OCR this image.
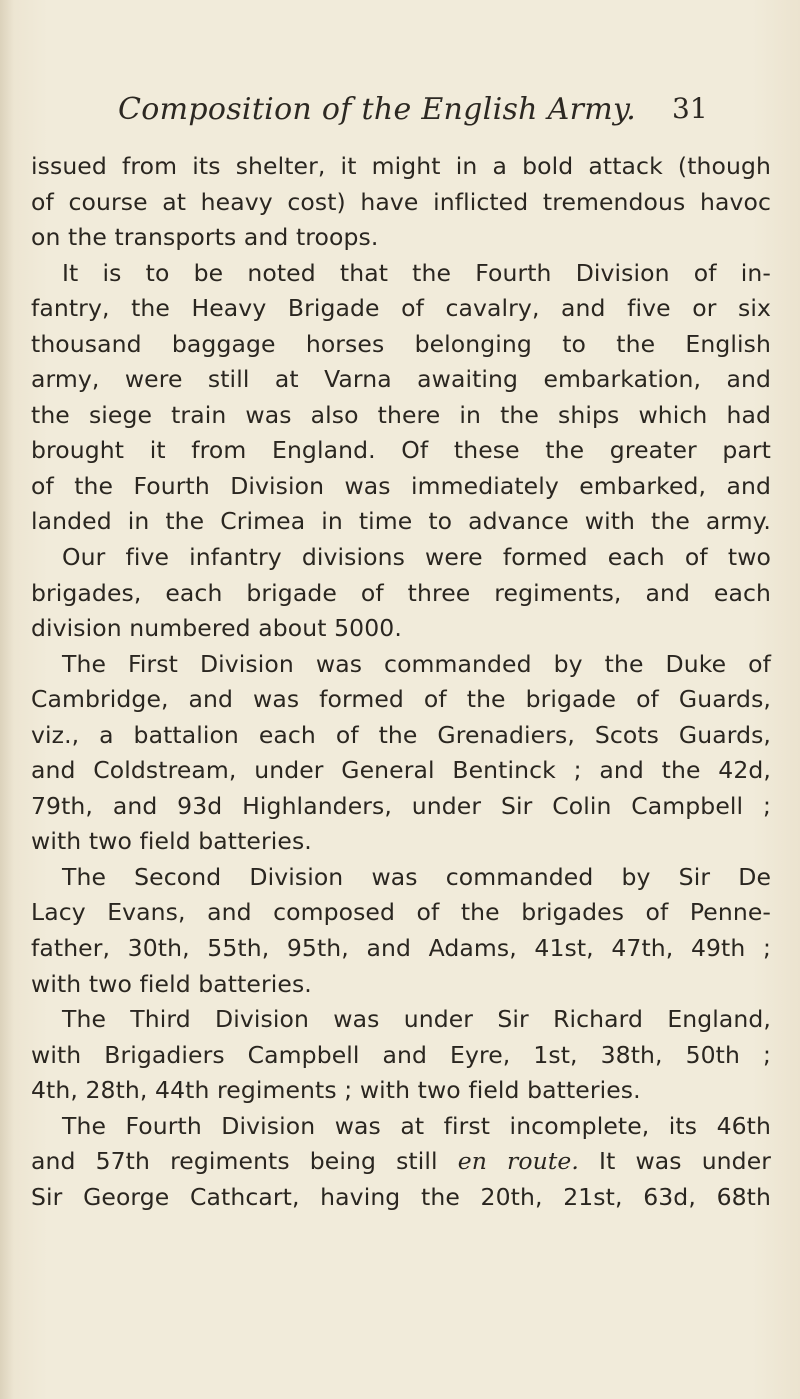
Composition of the English Army. 31
issued from its shelter, it might in a bold attack (though
of course at heavy cost) have inflicted tremendous havoc
on the transports and troops.
It is to be noted that the Fourth Division of in-
fantry, the Heavy Brigade of cavalry, and five or six
thousand baggage horses belonging to the English
army, were still at Varna awaiting embarkation, and
the siege train was also there in the ships which had
brought it from England. Of these the greater part
of the Fourth Division was immediately embarked, and
landed in the Crimea in time to advance with the army.
Our five infantry divisions were formed each of two
brigades, each brigade of three regiments, and each
division numbered about 5000.
The First Division was commanded by the Duke of
Cambridge, and was formed of the brigade of Guards,
viz., a battalion each of the Grenadiers, Scots Guards,
and Coldstream, under General Bentinck ; and the 42d,
79th, and 93d Highlanders, under Sir Colin Campbell ;
with two field batteries.
The Second Division was commanded by Sir De
Lacy Evans, and composed of the brigades of Penne-
father, 30th, 55th, 95th, and Adams, 41st, 47th, 49th ;
with two field batteries.
The Third Division was under Sir Richard England,
with Brigadiers Campbell and Eyre, 1st, 38th, 50th ;
4th, 28th, 44th regiments ; with two field batteries.
The Fourth Division was at first incomplete, its 46th
and 57th regiments being still en route. It was under
Sir George Cathcart, having the 20th, 21st, 63d, 68th
